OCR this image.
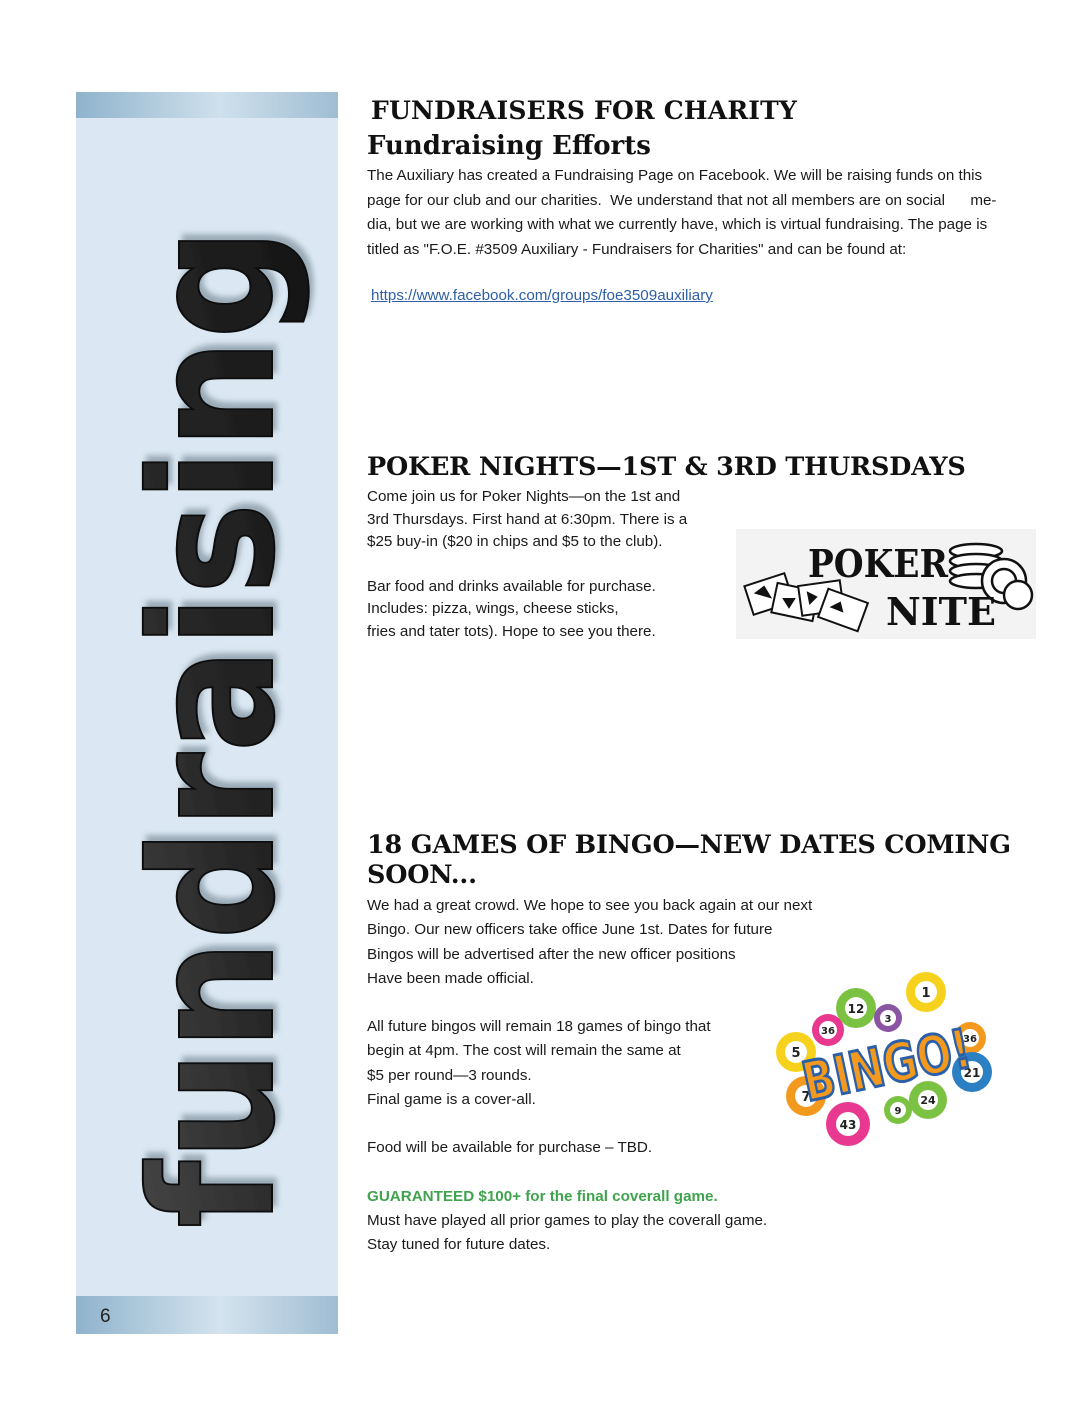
fundraising
6
FUNDRAISERS FOR CHARITY
Fundraising Efforts

The Auxiliary has created a Fundraising Page on Facebook. We will be raising funds on this

page for our club and our charities.  We understand that not all members are on social      me-

dia, but we are working with what we currently have, which is virtual fundraising. The page is

titled as "F.O.E. #3509 Auxiliary - Fundraisers for Charities" and can be found at:

https://www.facebook.com/groups/foe3509auxiliary
POKER NIGHTS—1ST & 3RD THURSDAYS

Come join us for Poker Nights—on the 1st and

3rd Thursdays. First hand at 6:30pm. There is a

$25 buy-in ($20 in chips and $5 to the club).

Bar food and drinks available for purchase.

Includes: pizza, wings, cheese sticks,

fries and tater tots). Hope to see you there.

POKER
NITE
18 GAMES OF BINGO—NEW DATES COMING SOON...

We had a great crowd. We hope to see you back again at our next

Bingo. Our new officers take office June 1st. Dates for future

Bingos will be advertised after the new officer positions

Have been made official.

All future bingos will remain 18 games of bingo that

begin at 4pm. The cost will remain the same at

$5 per round—3 rounds.

Final game is a cover-all.

Food will be available for purchase – TBD.

GUARANTEED $100+ for the final coverall game.

Must have played all prior games to play the coverall game.

Stay tuned for future dates.

12
1
36
3
5
36
21
7
43
9
24
BINGO!
